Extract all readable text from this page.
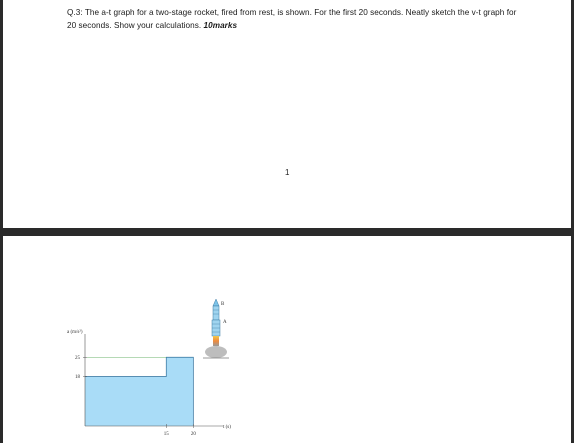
Q.3: The a-t graph for a two-stage rocket, fired from rest, is shown. For the first 20 seconds. Neatly sketch the v-t graph for 20 seconds. Show your calculations. 10marks
1
a (m/s²)
25
18
15	20
t (s)
B
A
